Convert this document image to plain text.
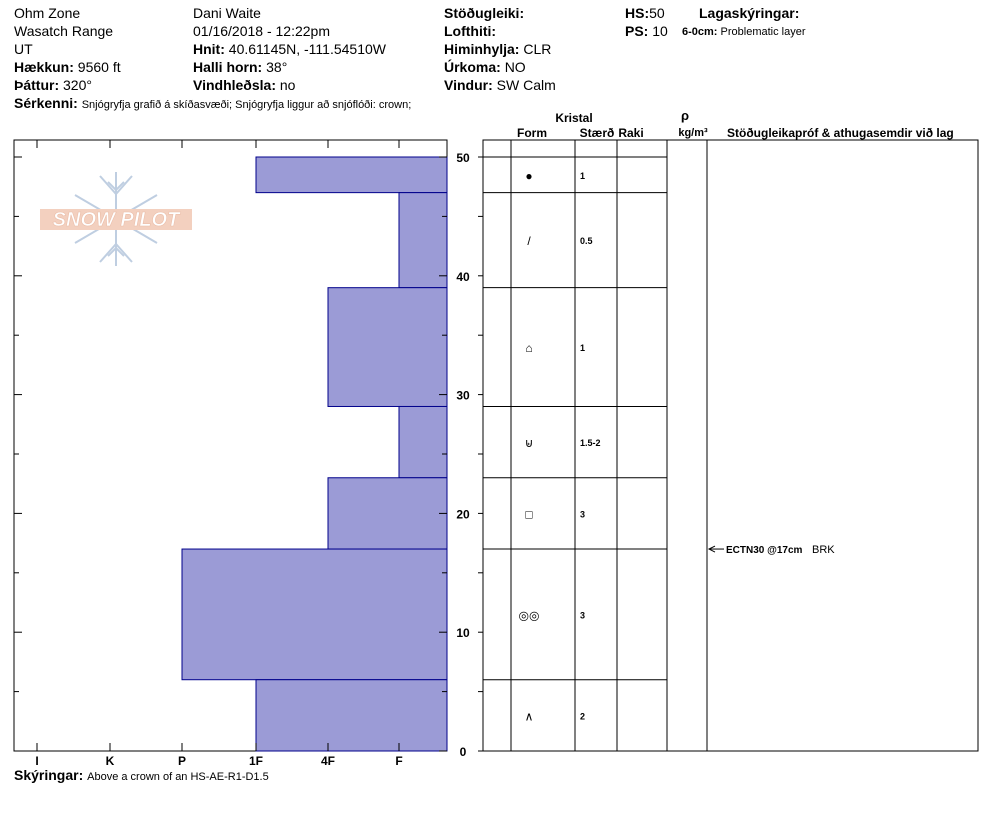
Ohm Zone
Wasatch Range
UT
Hækkun: 9560 ft
Þáttur: 320°
Dani Waite
01/16/2018 - 12:22pm
Hnit: 40.61145N, -111.54510W
Halli horn: 38°
Vindhleðsla: no
Stöðugleiki:
Lofthiti:
Himinhylja: CLR
Úrkoma: NO
Vindur: SW Calm
HS:50
PS: 10
Lagaskýringar:
6-0cm: Problematic layer
Sérkenni: Snjógryfja grafið á skíðasvæði; Snjógryfja liggur að snjóflóði: crown;
Skýringar: Above a crown of an HS-AE-R1-D1.5
SNOW PILOT
I	K	P	1F	4F	F
0
10
20
30
40
50
Kristal
Form	Stærð Raki
ρ
kg/m³ Stöðugleikapróf & athugasemdir við lag
●	1
/	0.5
⌂	1
⊌	1.5-2
□	3
◎◎	3
∧	2
ECTN30 @17cm BRK
